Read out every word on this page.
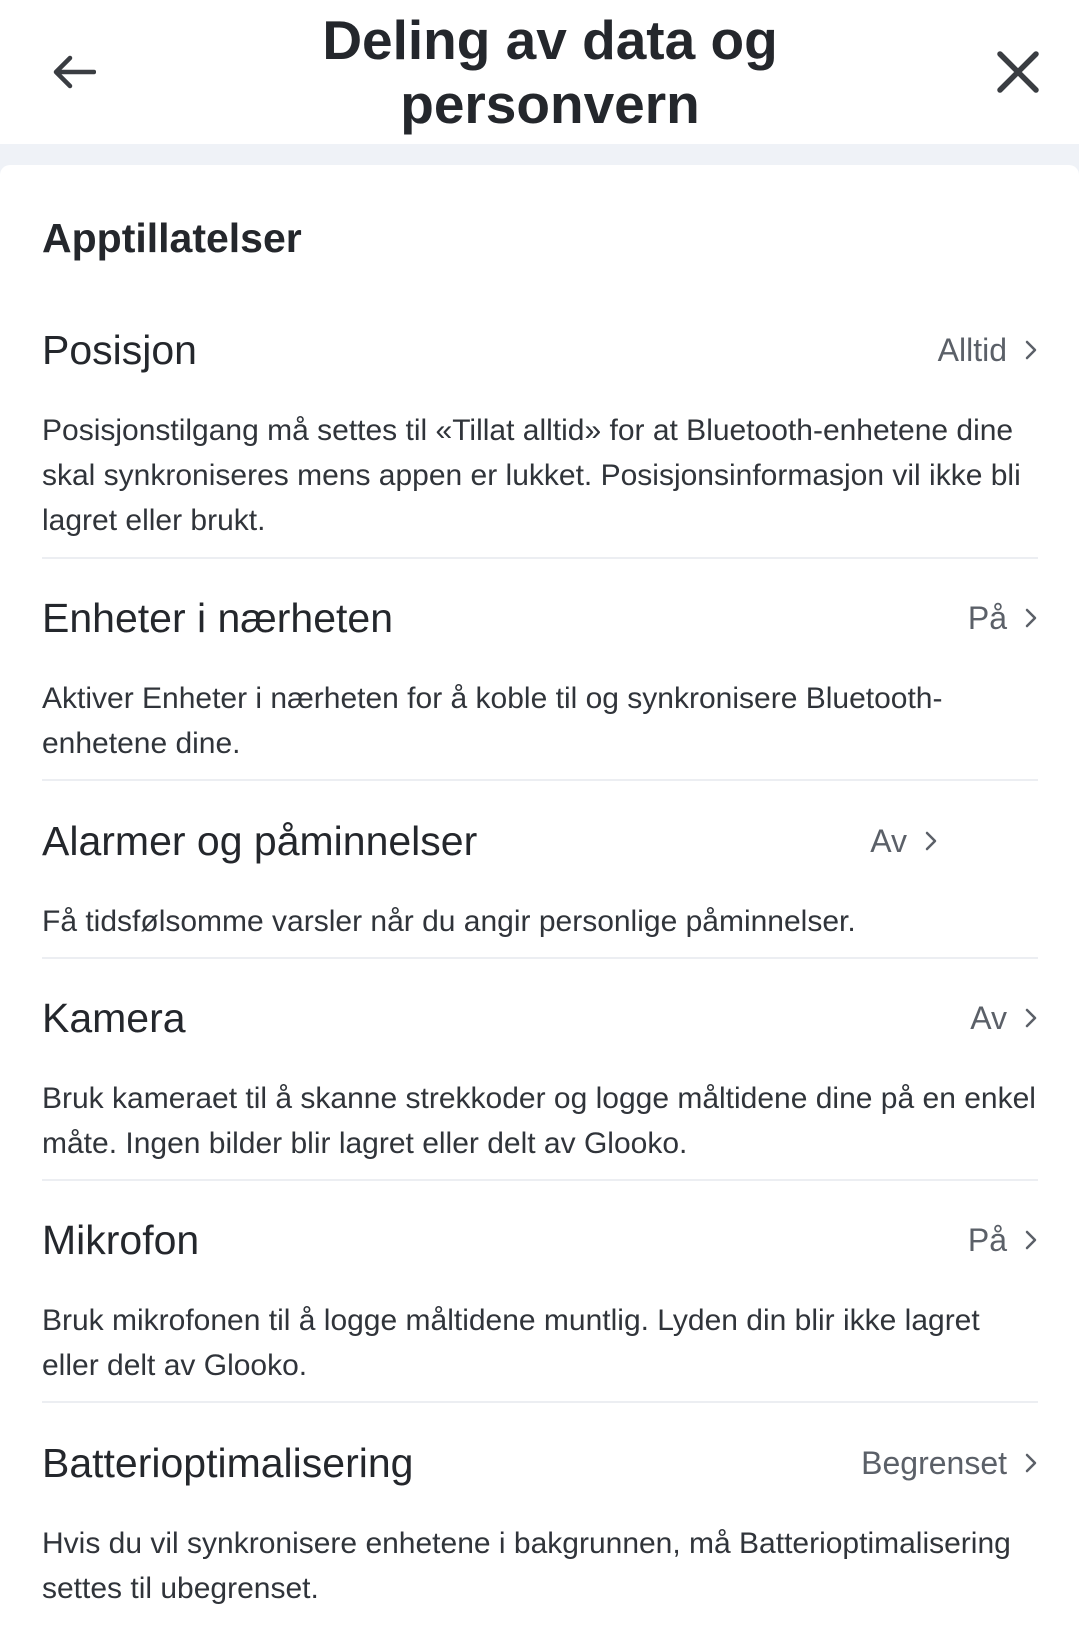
Deling av data og personvern
Apptillatelser
Posisjon	Alltid

Posisjonstilgang må settes til «Tillat alltid» for at Bluetooth-enhetene dine skal synkroniseres mens appen er lukket. Posisjonsinformasjon vil ikke bli lagret eller brukt.

Enheter i nærheten	På

Aktiver Enheter i nærheten for å koble til og synkronisere Bluetooth-enhetene dine.

Alarmer og påminnelser	Av

Få tidsfølsomme varsler når du angir personlige påminnelser.

Kamera	Av

Bruk kameraet til å skanne strekkoder og logge måltidene dine på en enkel måte. Ingen bilder blir lagret eller delt av Glooko.

Mikrofon	På

Bruk mikrofonen til å logge måltidene muntlig. Lyden din blir ikke lagret eller delt av Glooko.

Batterioptimalisering	Begrenset

Hvis du vil synkronisere enhetene i bakgrunnen, må Batterioptimalisering settes til ubegrenset.
